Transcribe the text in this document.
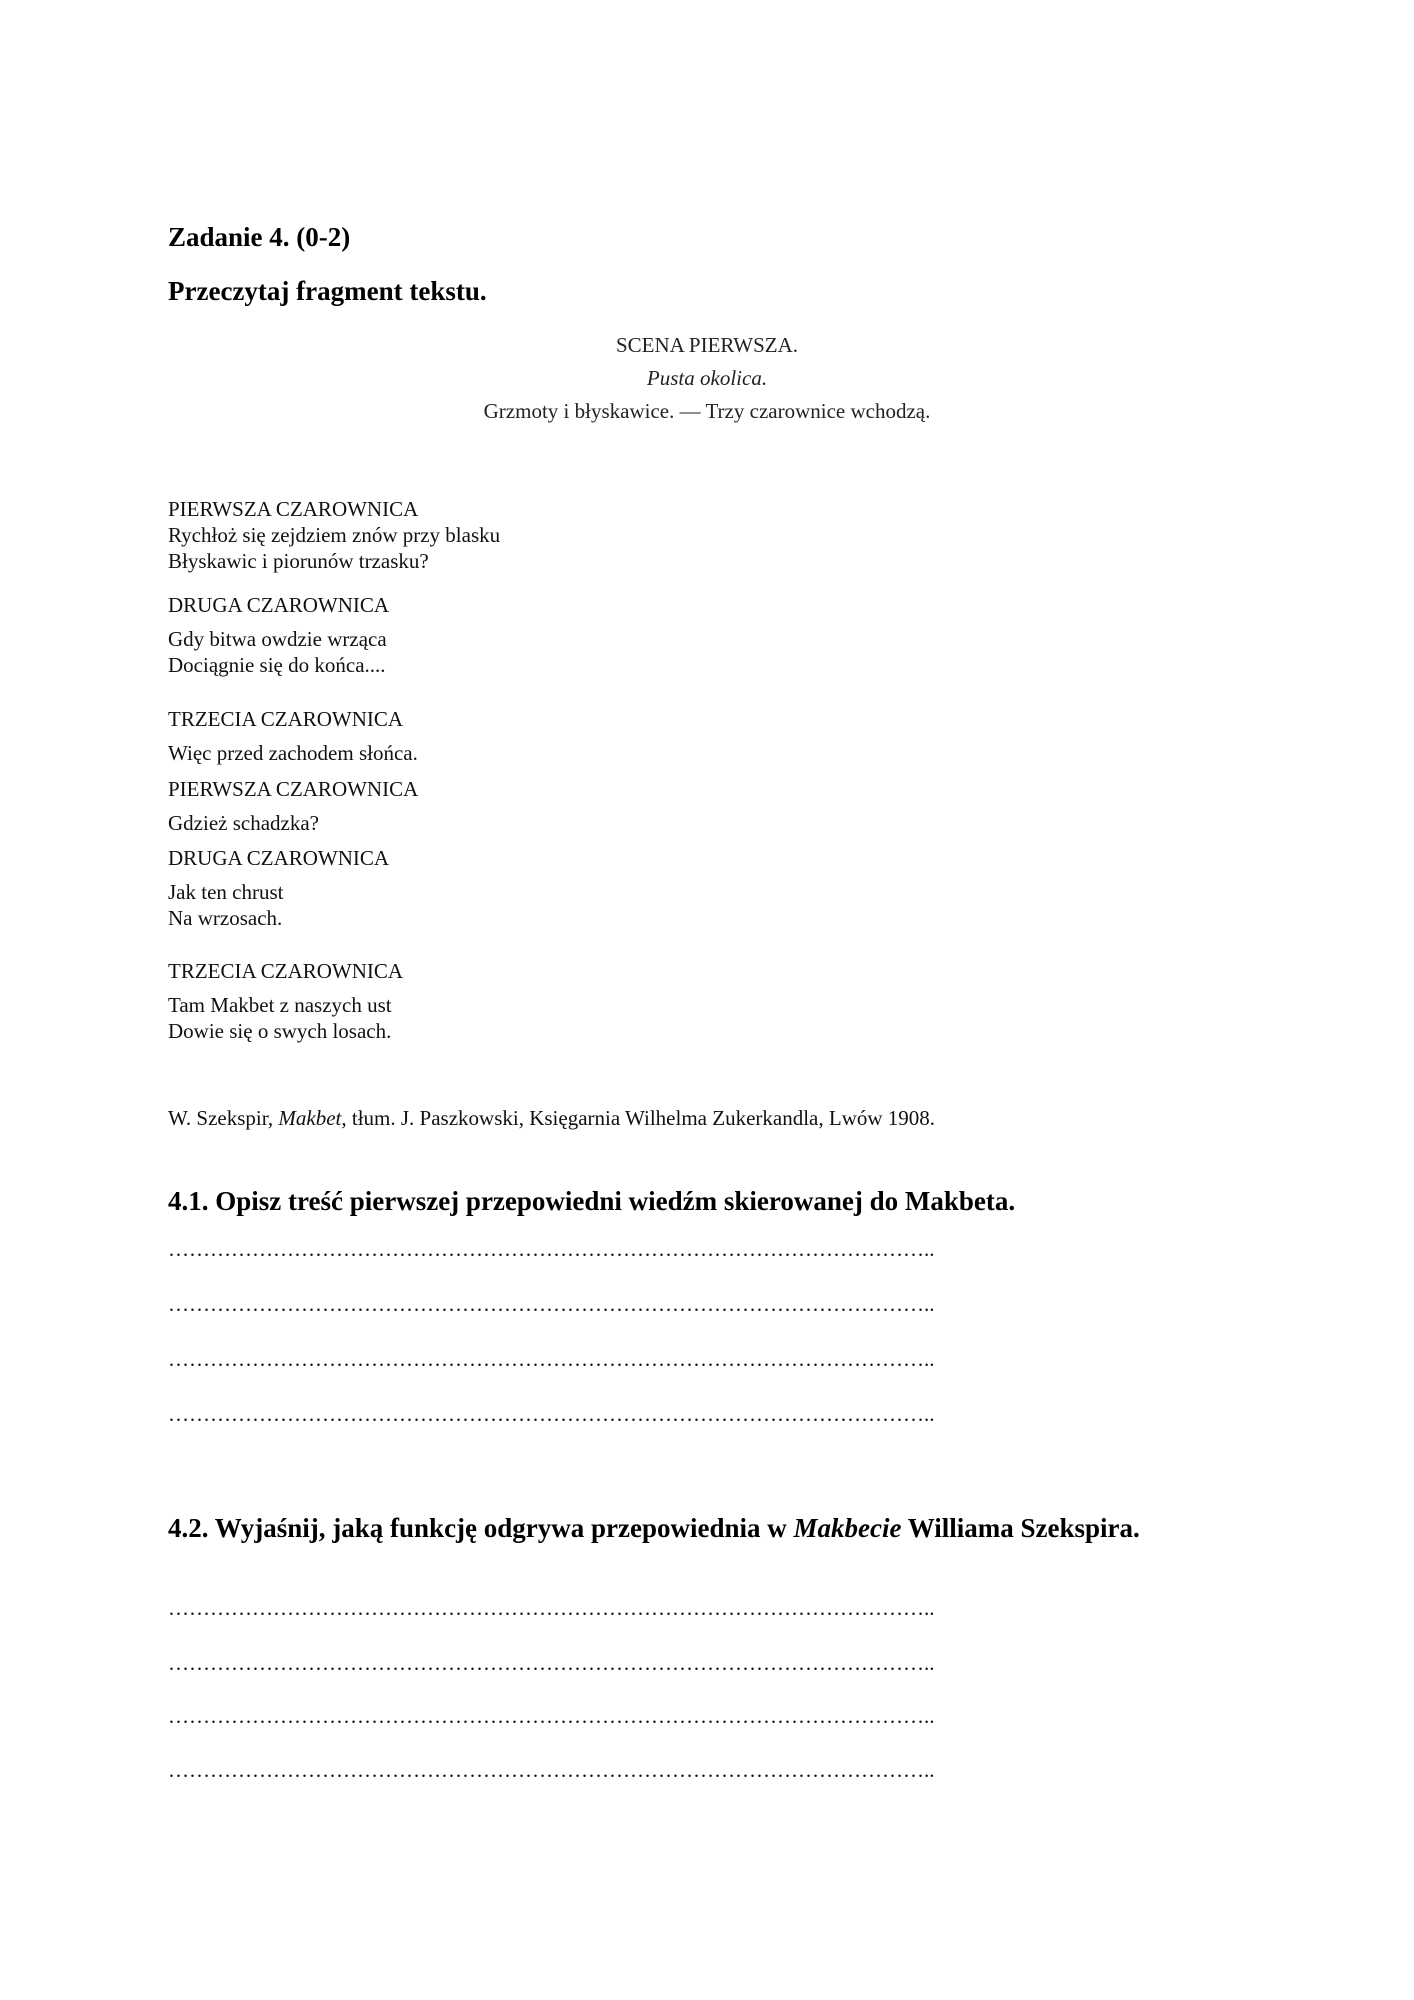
Zadanie 4. (0-2)
Przeczytaj fragment tekstu.
SCENA PIERWSZA.
Pusta okolica.
Grzmoty i błyskawice. — Trzy czarownice wchodzą.
PIERWSZA CZAROWNICA
Rychłoż się zejdziem znów przy blasku
Błyskawic i piorunów trzasku?
DRUGA CZAROWNICA
Gdy bitwa owdzie wrząca
Dociągnie się do końca....
TRZECIA CZAROWNICA
Więc przed zachodem słońca.
PIERWSZA CZAROWNICA
Gdzież schadzka?
DRUGA CZAROWNICA
Jak ten chrust
Na wrzosach.
TRZECIA CZAROWNICA
Tam Makbet z naszych ust
Dowie się o swych losach.
W. Szekspir, Makbet, tłum. J. Paszkowski, Księgarnia Wilhelma Zukerkandla, Lwów 1908.
4.1. Opisz treść pierwszej przepowiedni wiedźm skierowanej do Makbeta.
………………………………………………………………………………………………..
………………………………………………………………………………………………..
………………………………………………………………………………………………..
………………………………………………………………………………………………..
4.2. Wyjaśnij, jaką funkcję odgrywa przepowiednia w Makbecie Williama Szekspira.
………………………………………………………………………………………………..
………………………………………………………………………………………………..
………………………………………………………………………………………………..
………………………………………………………………………………………………..
